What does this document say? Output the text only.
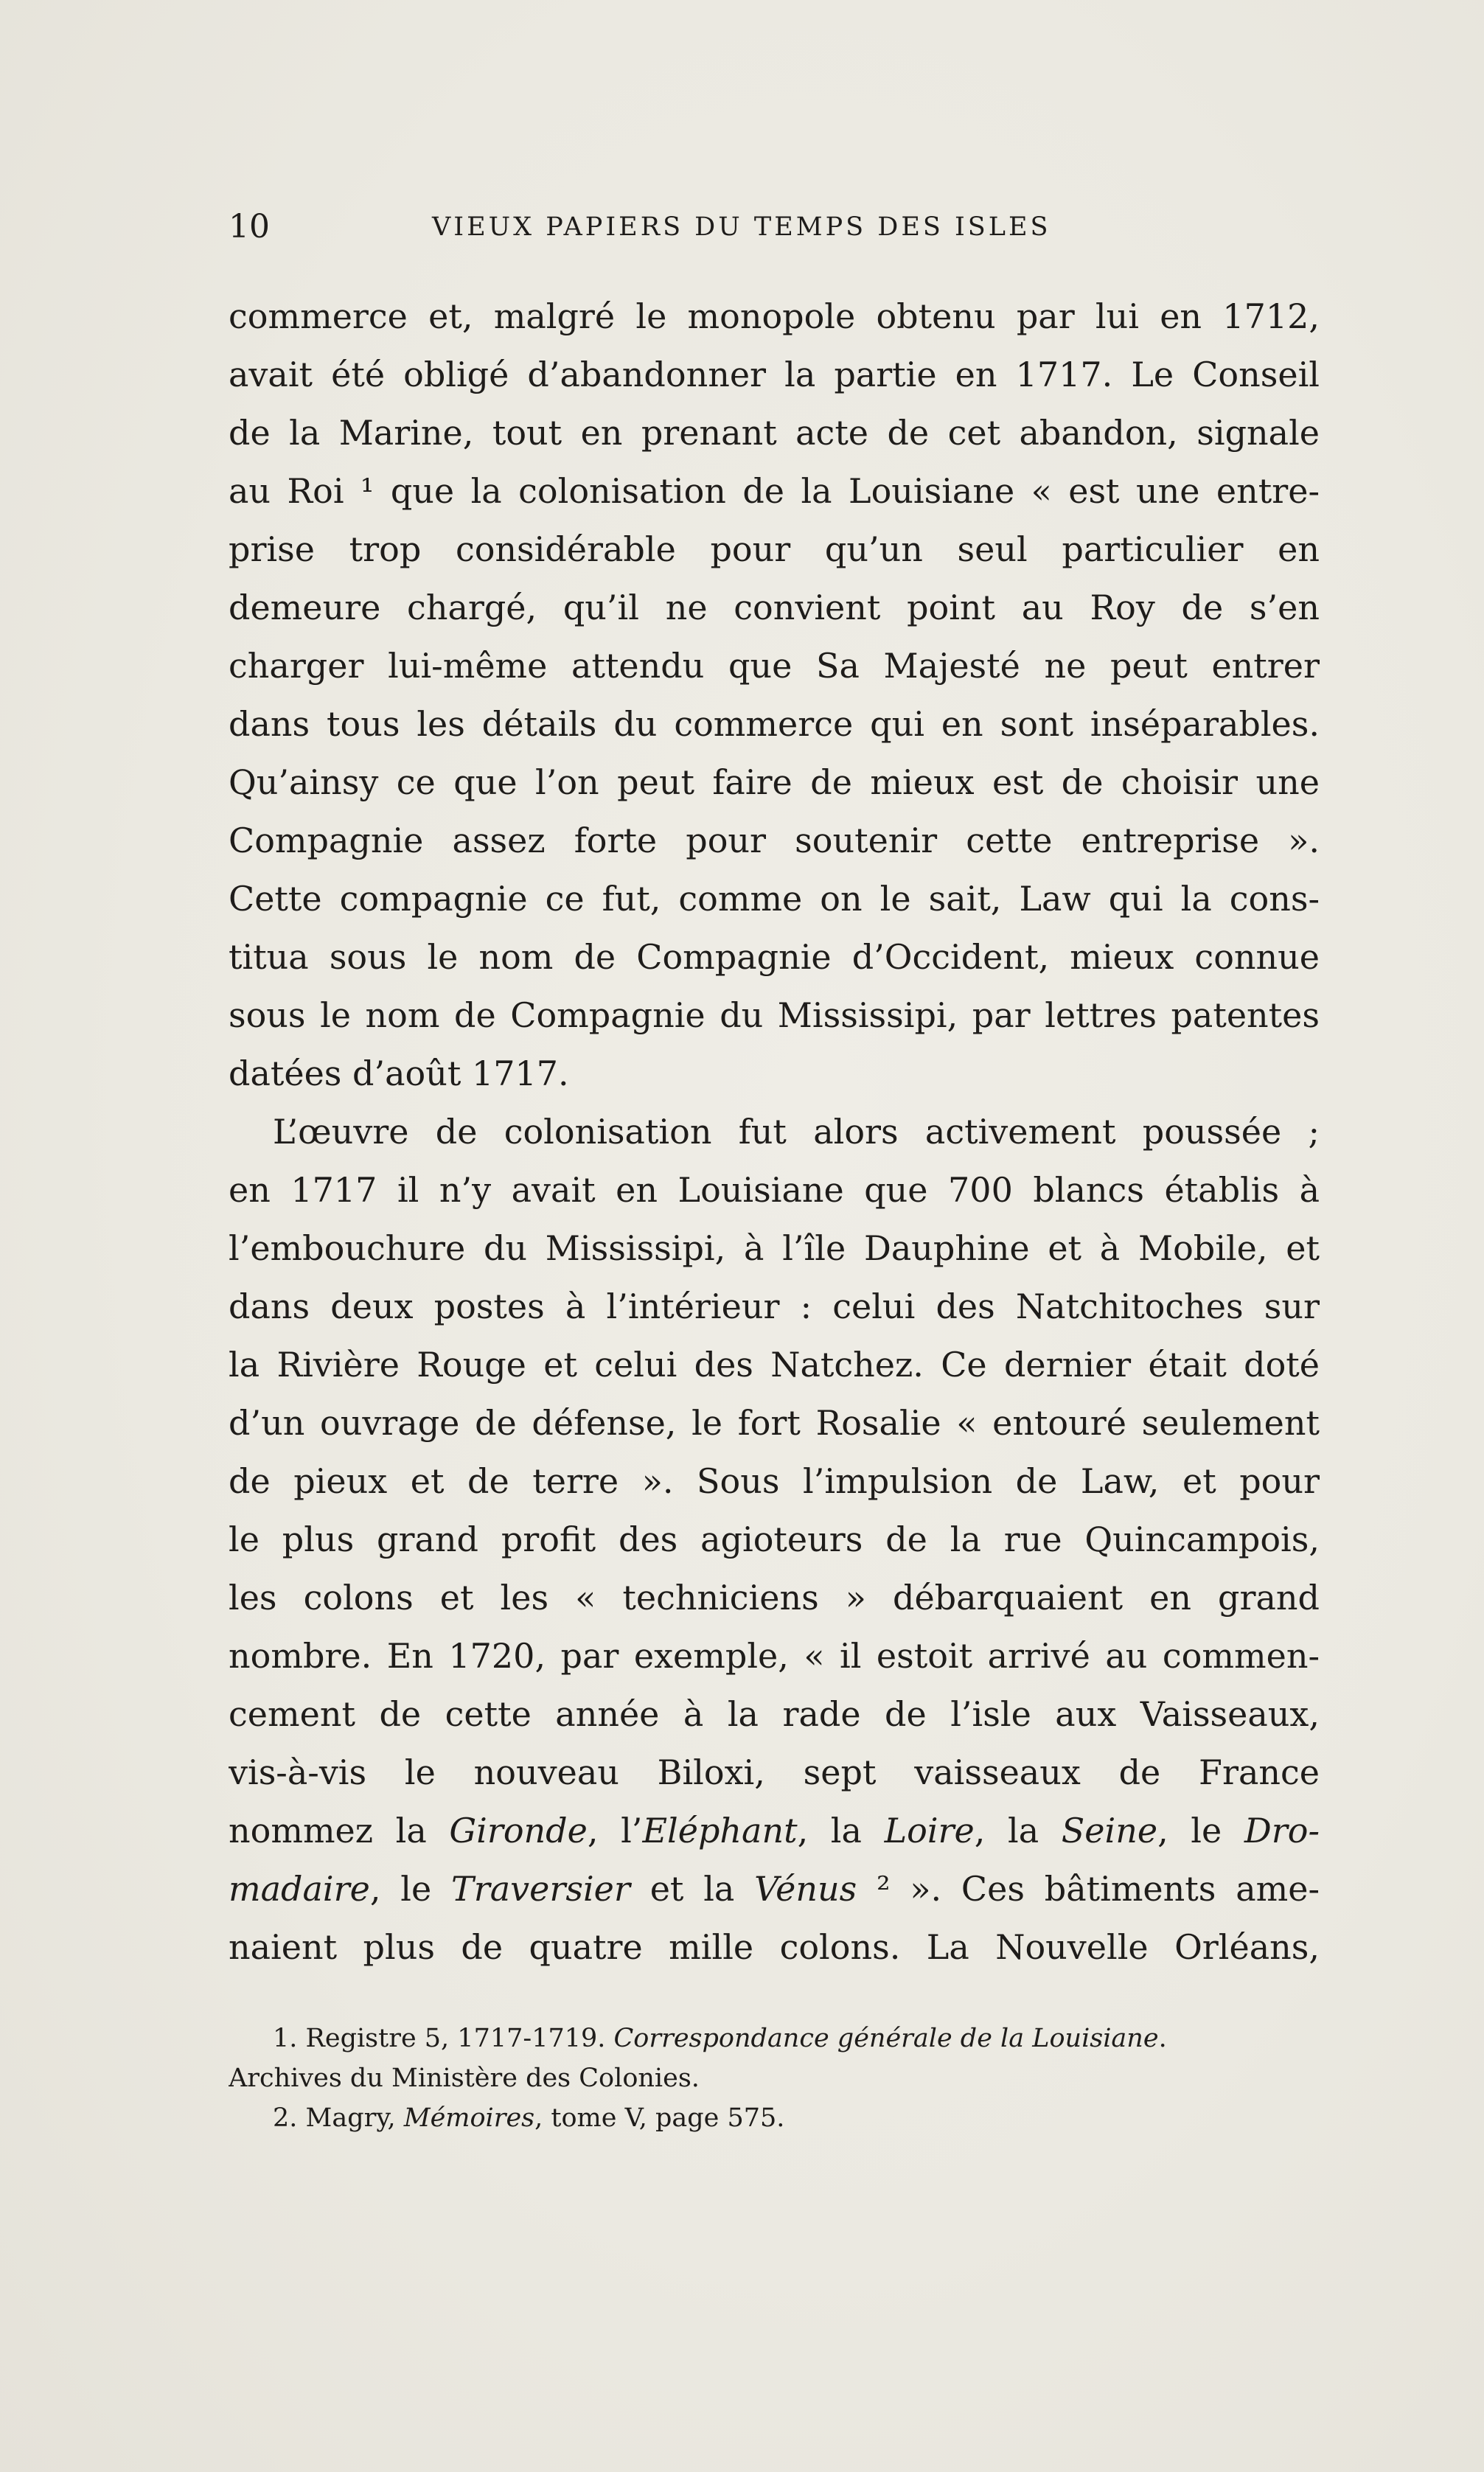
10	VIEUX PAPIERS DU TEMPS DES ISLES
commerce et, malgré le monopole obtenu par lui en 1712,
avait été obligé d’abandonner la partie en 1717. Le Conseil
de la Marine, tout en prenant acte de cet abandon, signale
au Roi ¹ que la colonisation de la Louisiane « est une entre-
prise trop considérable pour qu’un seul particulier en
demeure chargé, qu’il ne convient point au Roy de s’en
charger lui-même attendu que Sa Majesté ne peut entrer
dans tous les détails du commerce qui en sont inséparables.
Qu’ainsy ce que l’on peut faire de mieux est de choisir une
Compagnie assez forte pour soutenir cette entreprise ».
Cette compagnie ce fut, comme on le sait, Law qui la cons-
titua sous le nom de Compagnie d’Occident, mieux connue
sous le nom de Compagnie du Mississipi, par lettres patentes
datées d’août 1717.
L’œuvre de colonisation fut alors activement poussée ;
en 1717 il n’y avait en Louisiane que 700 blancs établis à
l’embouchure du Mississipi, à l’île Dauphine et à Mobile, et
dans deux postes à l’intérieur : celui des Natchitoches sur
la Rivière Rouge et celui des Natchez. Ce dernier était doté
d’un ouvrage de défense, le fort Rosalie « entouré seulement
de pieux et de terre ». Sous l’impulsion de Law, et pour
le plus grand profit des agioteurs de la rue Quincampois,
les colons et les « techniciens » débarquaient en grand
nombre. En 1720, par exemple, « il estoit arrivé au commen-
cement de cette année à la rade de l’isle aux Vaisseaux,
vis-à-vis le nouveau Biloxi, sept vaisseaux de France
nommez la Gironde, l’Eléphant, la Loire, la Seine, le Dro-
madaire, le Traversier et la Vénus ² ». Ces bâtiments ame-
naient plus de quatre mille colons. La Nouvelle Orléans,
1. Registre 5, 1717-1719. Correspondance générale de la Louisiane.
Archives du Ministère des Colonies.
2. Magry, Mémoires, tome V, page 575.
